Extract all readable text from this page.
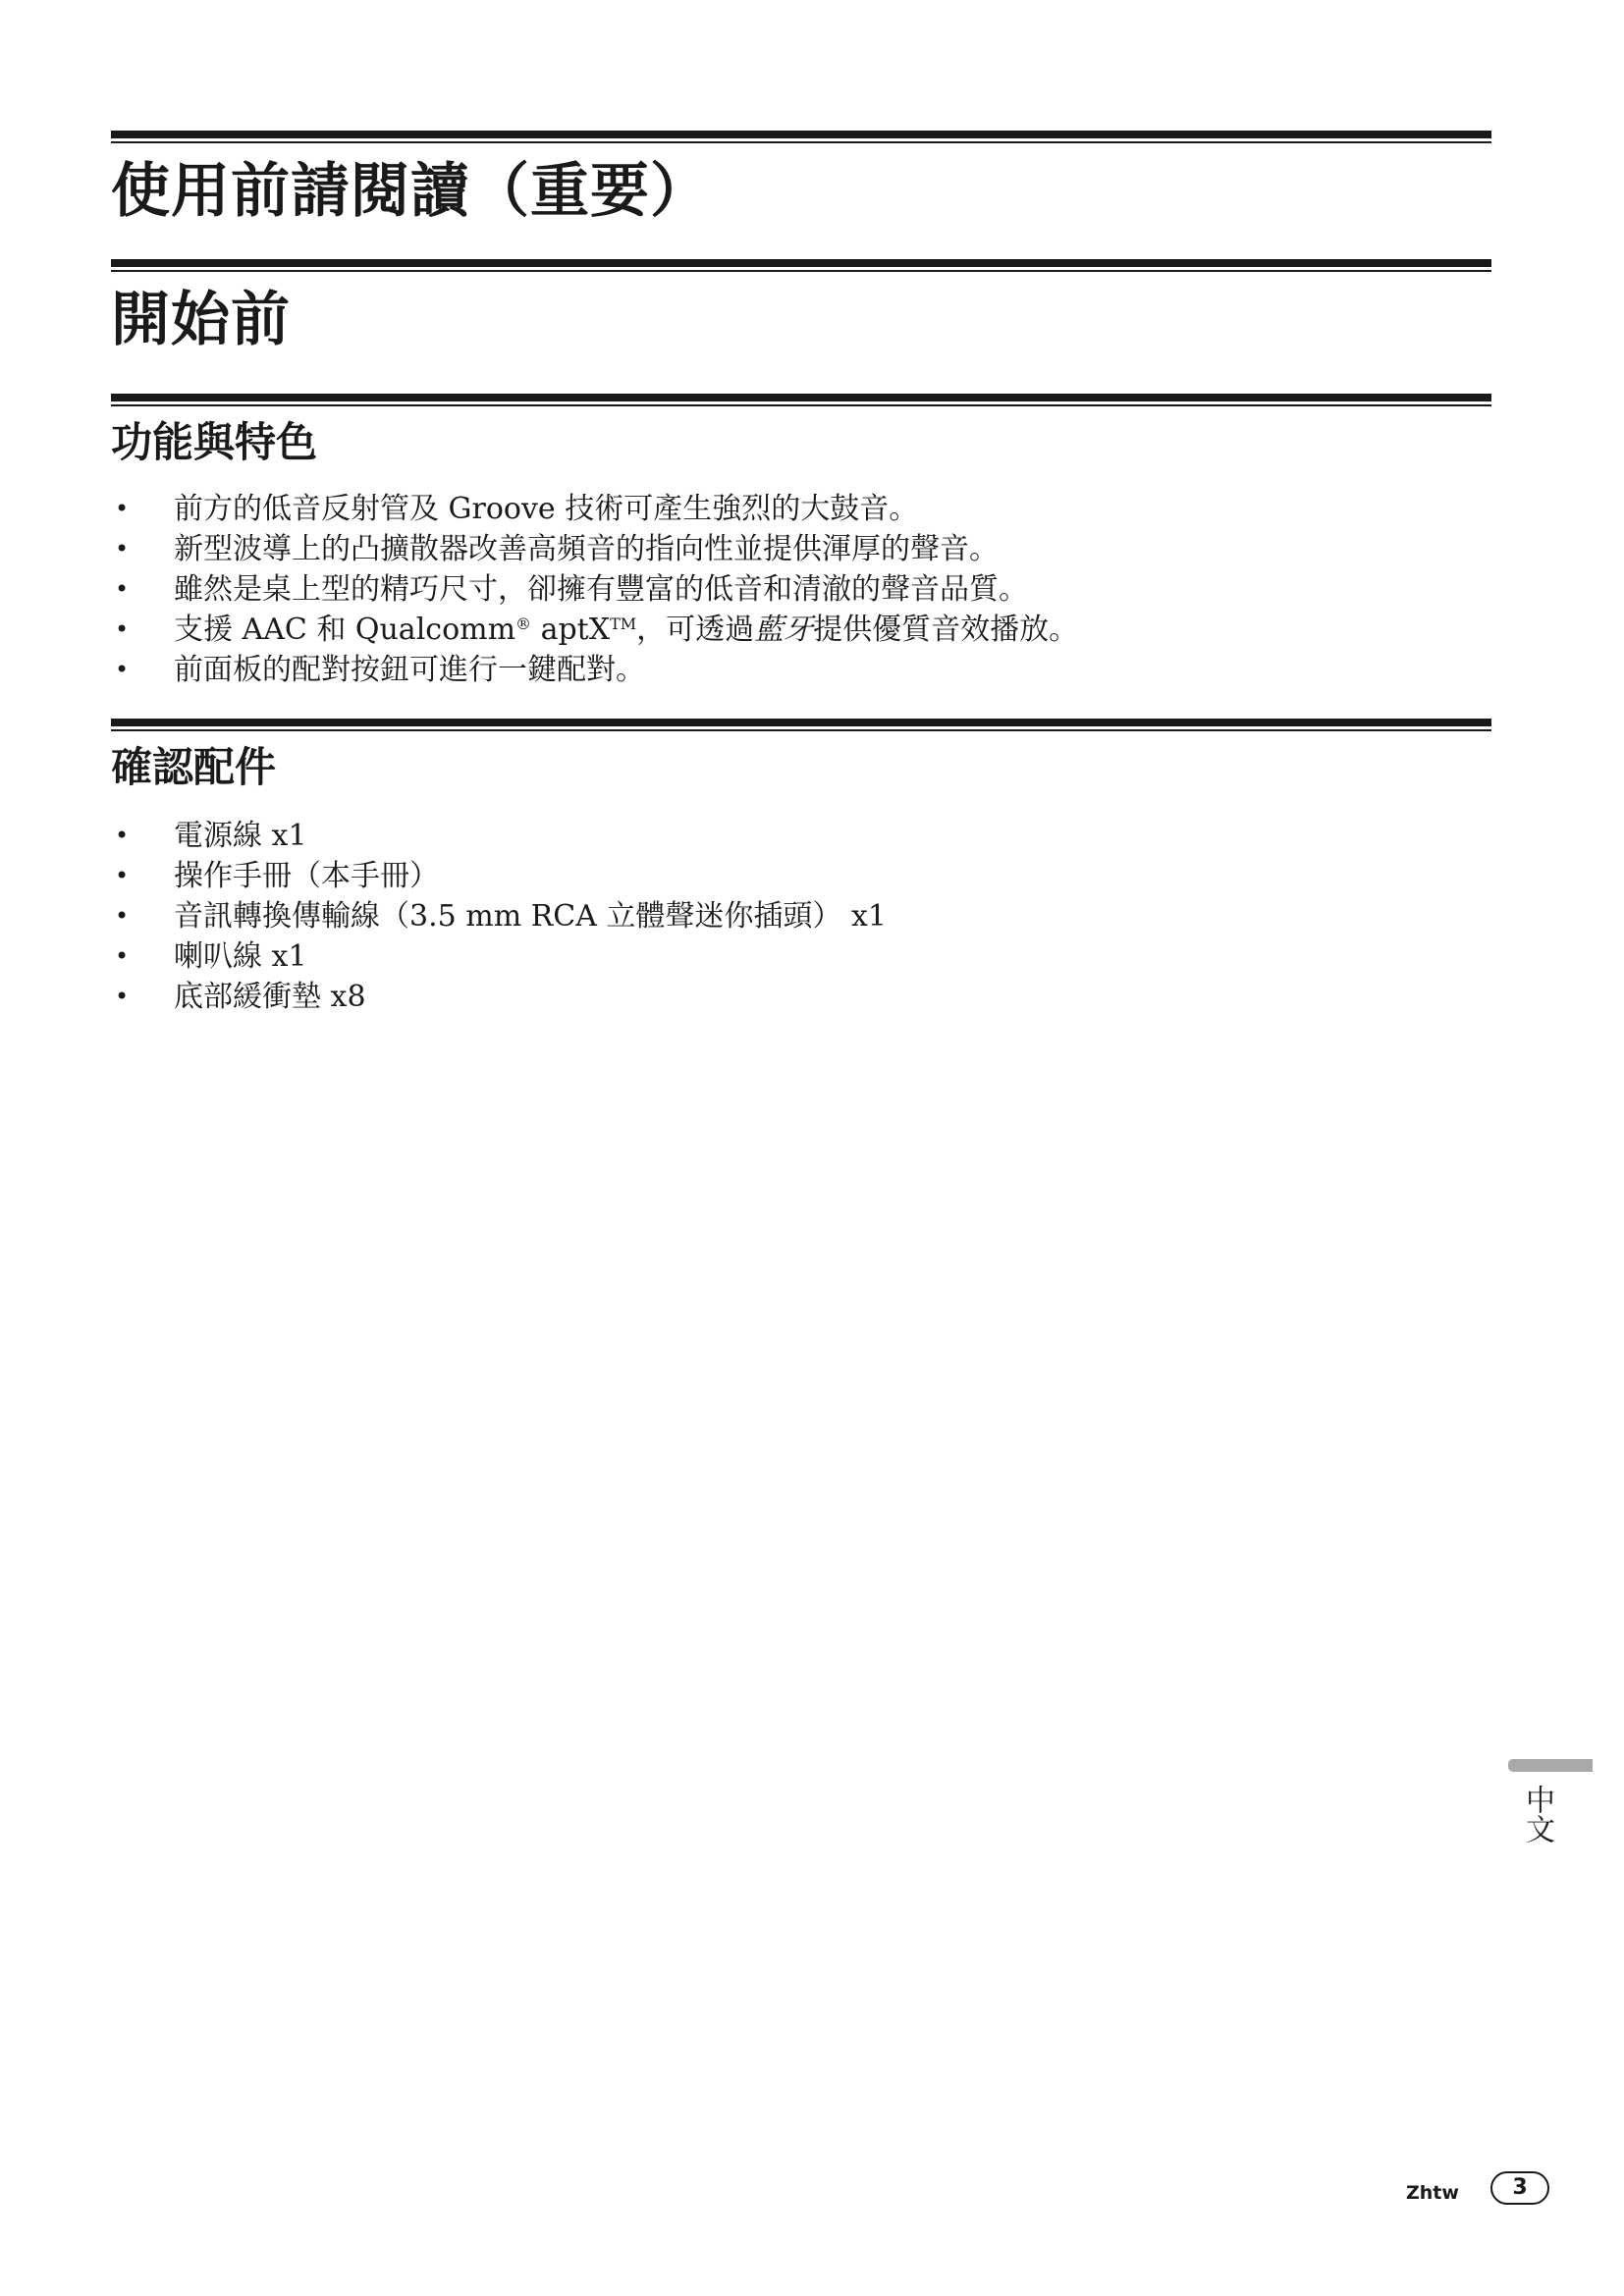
使用前請閱讀（重要）
開始前
功能與特色
• 前方的低音反射管及 Groove 技術可產生強烈的大鼓音。
• 新型波導上的凸擴散器改善高頻音的指向性並提供渾厚的聲音。
• 雖然是桌上型的精巧尺寸，卻擁有豐富的低音和清澈的聲音品質。
• 支援 AAC 和 Qualcomm® aptX™，可透過藍牙提供優質音效播放。
• 前面板的配對按鈕可進行一鍵配對。
確認配件
• 電源線 x1
• 操作手冊（本手冊）
• 音訊轉換傳輸線（3.5 mm RCA 立體聲迷你插頭） x1
• 喇叭線 x1
• 底部緩衝墊 x8
中文
Zhtw	3
